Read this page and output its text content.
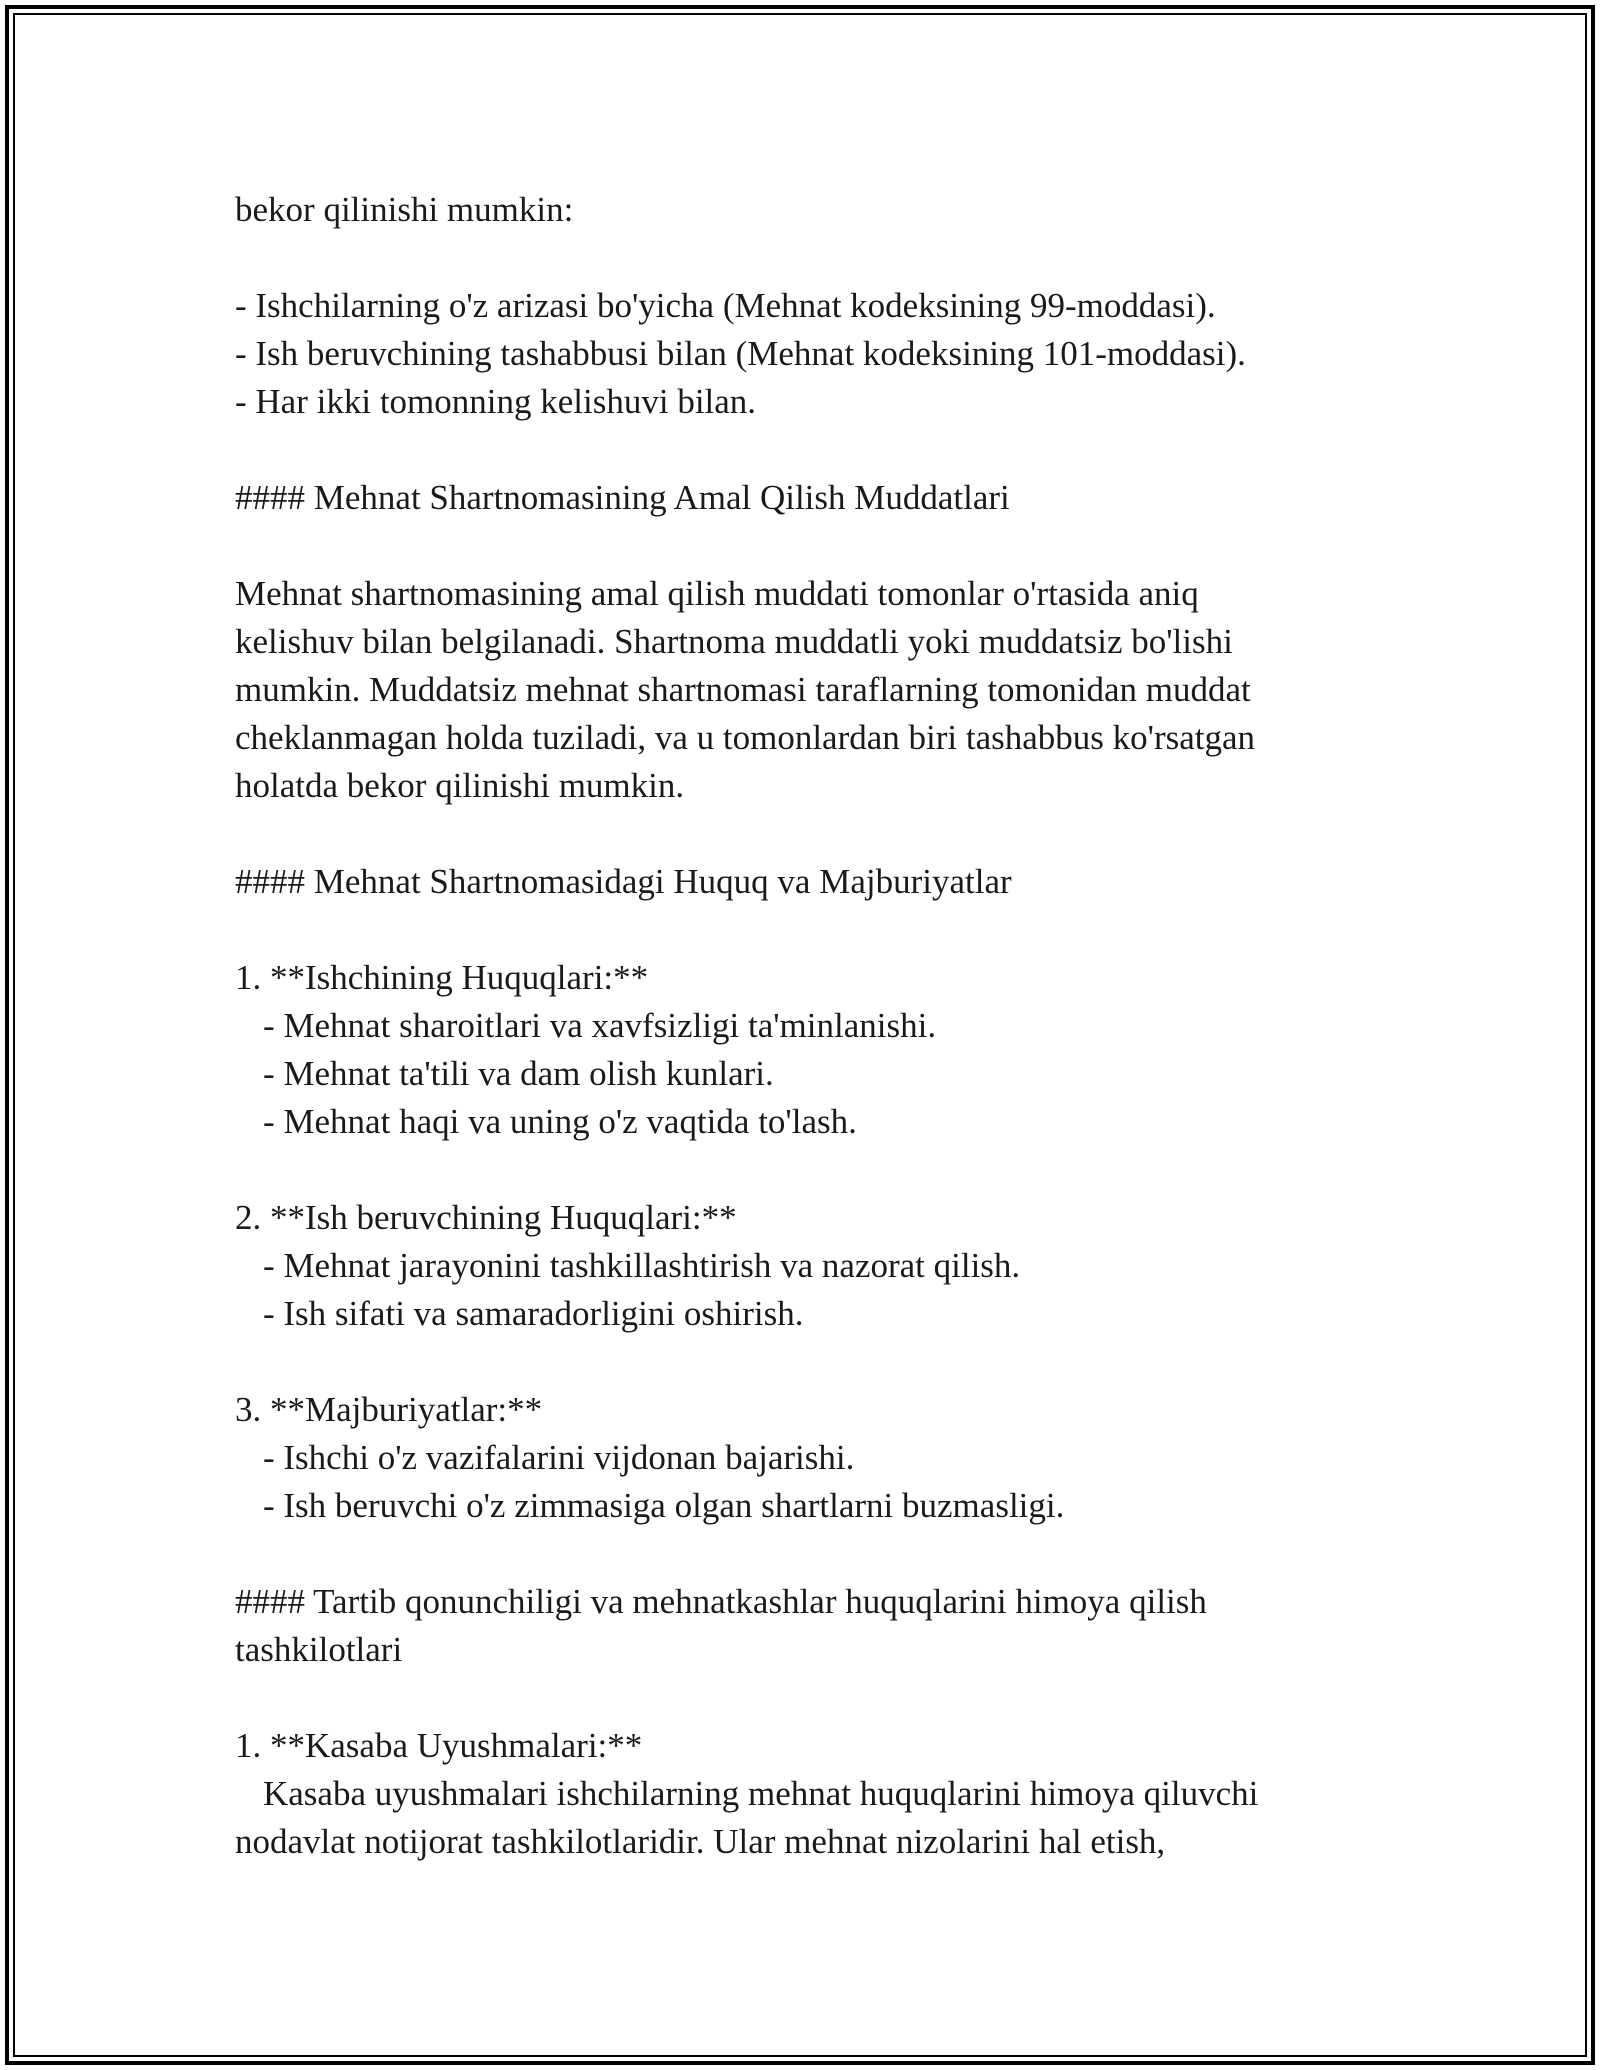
bekor qilinishi mumkin:
- Ishchilarning o'z arizasi bo'yicha (Mehnat kodeksining 99-moddasi).
- Ish beruvchining tashabbusi bilan (Mehnat kodeksining 101-moddasi).
- Har ikki tomonning kelishuvi bilan.
#### Mehnat Shartnomasining Amal Qilish Muddatlari
Mehnat shartnomasining amal qilish muddati tomonlar o'rtasida aniq
kelishuv bilan belgilanadi. Shartnoma muddatli yoki muddatsiz bo'lishi
mumkin. Muddatsiz mehnat shartnomasi taraflarning tomonidan muddat
cheklanmagan holda tuziladi, va u tomonlardan biri tashabbus ko'rsatgan
holatda bekor qilinishi mumkin.
#### Mehnat Shartnomasidagi Huquq va Majburiyatlar
1. **Ishchining Huquqlari:**
- Mehnat sharoitlari va xavfsizligi ta'minlanishi.
- Mehnat ta'tili va dam olish kunlari.
- Mehnat haqi va uning o'z vaqtida to'lash.
2. **Ish beruvchining Huquqlari:**
- Mehnat jarayonini tashkillashtirish va nazorat qilish.
- Ish sifati va samaradorligini oshirish.
3. **Majburiyatlar:**
- Ishchi o'z vazifalarini vijdonan bajarishi.
- Ish beruvchi o'z zimmasiga olgan shartlarni buzmasligi.
#### Tartib qonunchiligi va mehnatkashlar huquqlarini himoya qilish
tashkilotlari
1. **Kasaba Uyushmalari:**
Kasaba uyushmalari ishchilarning mehnat huquqlarini himoya qiluvchi
nodavlat notijorat tashkilotlaridir. Ular mehnat nizolarini hal etish,
